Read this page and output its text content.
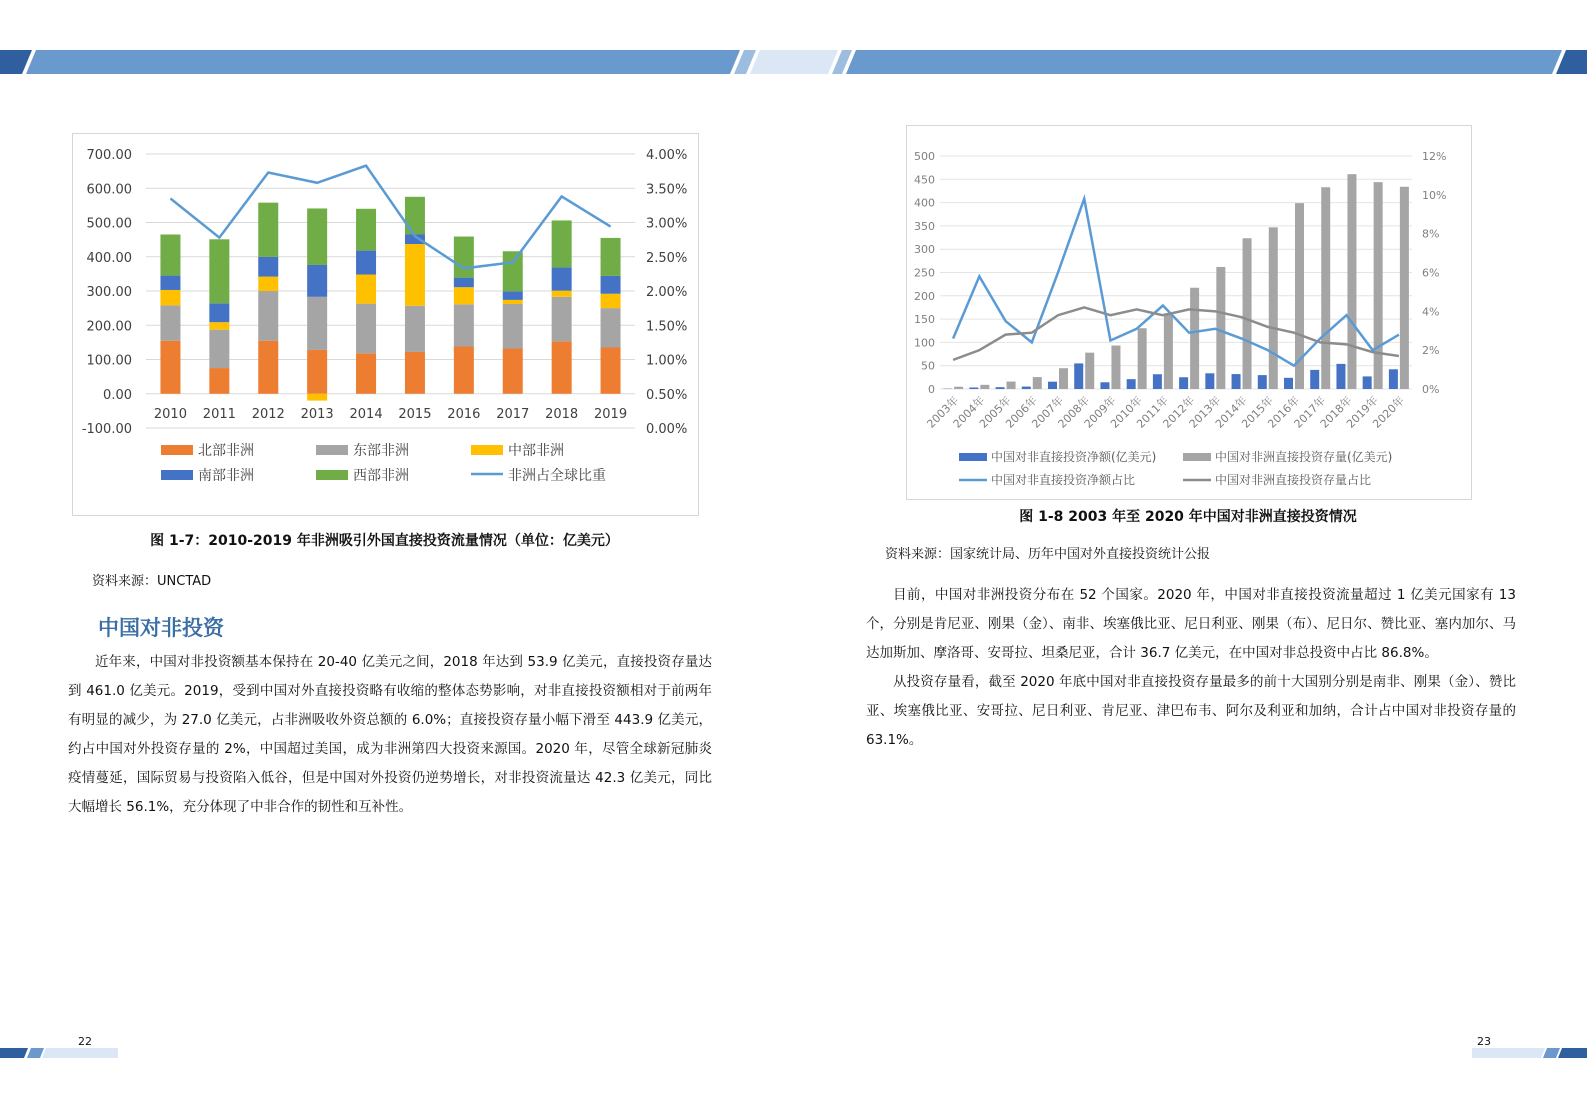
700.00
600.00
500.00
400.00
300.00
200.00
100.00
0.00
-100.00
4.00%
3.50%
3.00%
2.50%
2.00%
1.50%
1.00%
0.50%
0.00%
2010 2011 2012 2013 2014 2015 2016 2017 2018 2019
北部非洲	东部非洲	中部非洲
南部非洲	西部非洲	非洲占全球比重
图 1-7：2010-2019 年非洲吸引外国直接投资流量情况（单位：亿美元）
资料来源：UNCTAD
中国对非投资

近年来，中国对非投资额基本保持在 20-40 亿美元之间，2018 年达到 53.9 亿美元，直接投资存量达到 461.0 亿美元。2019，受到中国对外直接投资略有收缩的整体态势影响，对非直接投资额相对于前两年有明显的减少，为 27.0 亿美元，占非洲吸收外资总额的 6.0%；直接投资存量小幅下滑至 443.9 亿美元，约占中国对外投资存量的 2%，中国超过美国，成为非洲第四大投资来源国。2020 年，尽管全球新冠肺炎疫情蔓延，国际贸易与投资陷入低谷，但是中国对外投资仍逆势增长，对非投资流量达 42.3 亿美元，同比大幅增长 56.1%，充分体现了中非合作的韧性和互补性。

22
500
450
400
350
300
250
200
150
100
50
0
12%
10%
8%
6%
4%
2%
0%
2003年
2004年
2005年
2006年
2007年
2008年
2009年
2010年
2011年
2012年
2013年
2014年
2015年
2016年
2017年
2018年
2019年
2020年
中国对非直接投资净额(亿美元)	中国对非洲直接投资存量(亿美元)
中国对非直接投资净额占比	中国对非洲直接投资存量占比
图 1-8 2003 年至 2020 年中国对非洲直接投资情况
资料来源：国家统计局、历年中国对外直接投资统计公报

目前，中国对非洲投资分布在 52 个国家。2020 年，中国对非直接投资流量超过 1 亿美元国家有 13 个，分别是肯尼亚、刚果（金）、南非、埃塞俄比亚、尼日利亚、刚果（布）、尼日尔、赞比亚、塞内加尔、马达加斯加、摩洛哥、安哥拉、坦桑尼亚，合计 36.7 亿美元，在中国对非总投资中占比 86.8%。

从投资存量看，截至 2020 年底中国对非直接投资存量最多的前十大国别分别是南非、刚果（金）、赞比亚、埃塞俄比亚、安哥拉、尼日利亚、肯尼亚、津巴布韦、阿尔及利亚和加纳，合计占中国对非投资存量的 63.1%。

23
